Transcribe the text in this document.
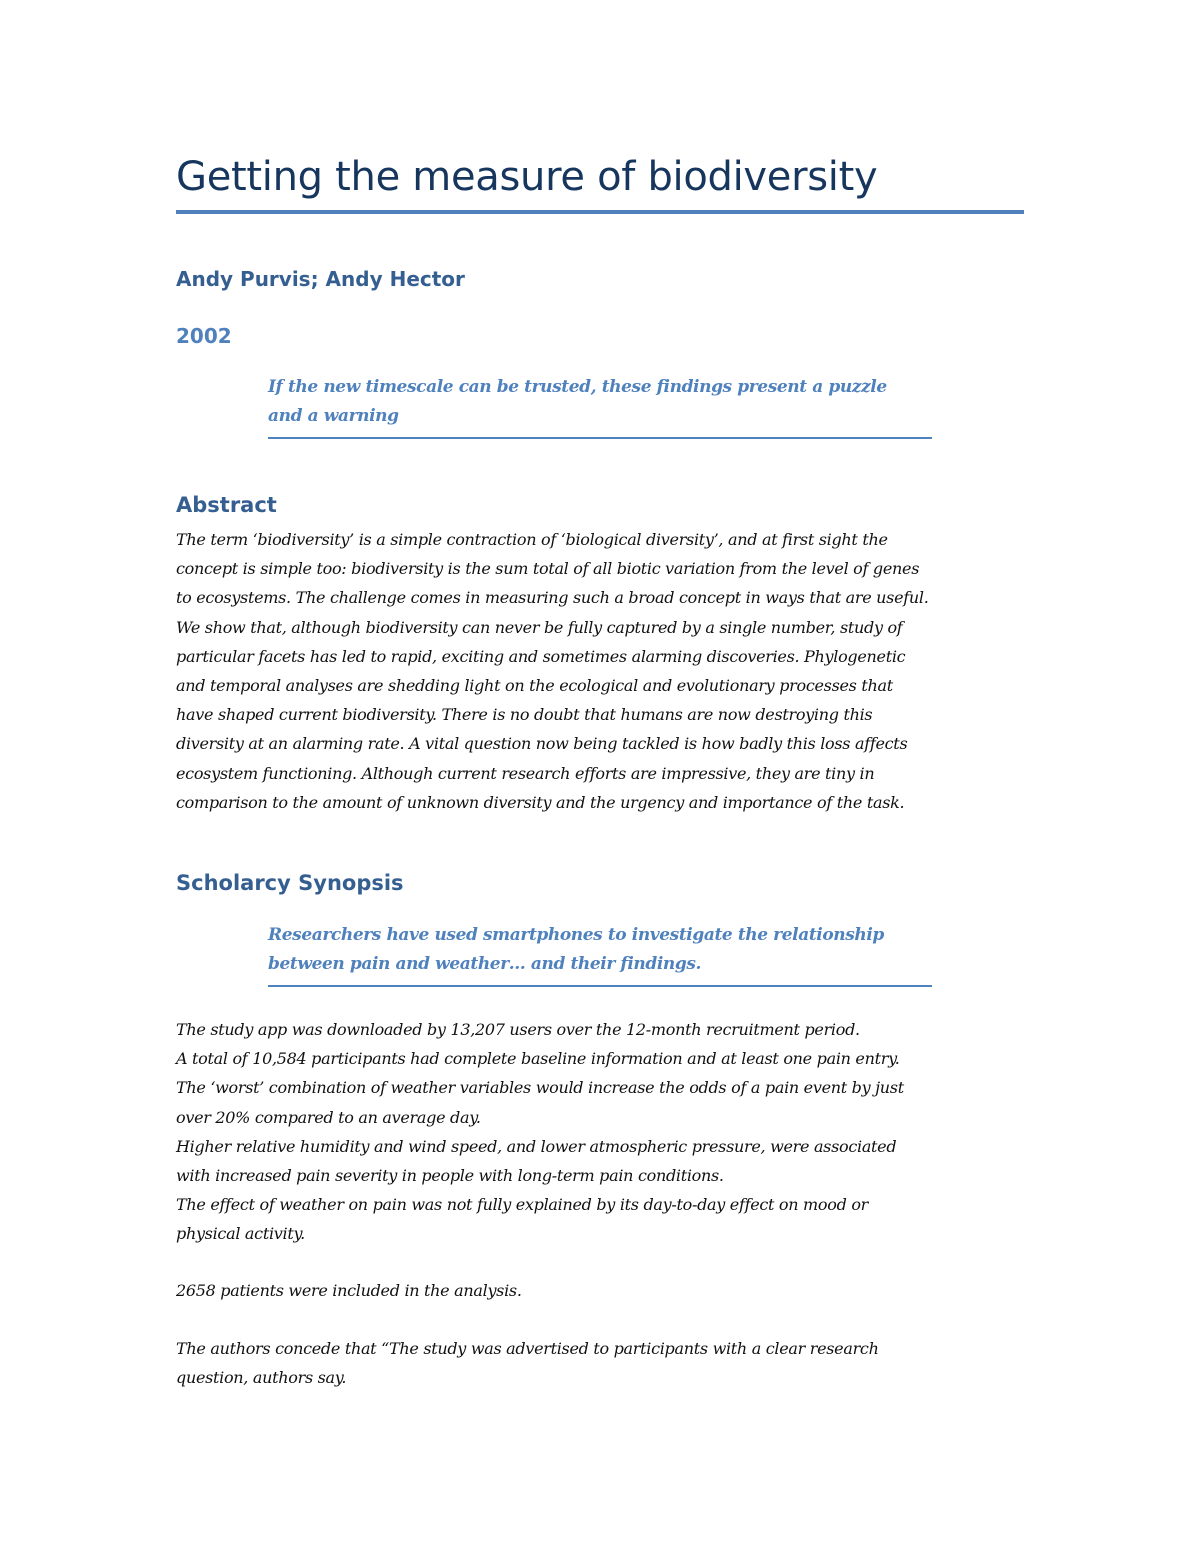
Getting the measure of biodiversity
Andy Purvis; Andy Hector
2002
If the new timescale can be trusted, these findings present a puzzle
and a warning
Abstract
The term ‘biodiversity’ is a simple contraction of ‘biological diversity’, and at first sight the
concept is simple too: biodiversity is the sum total of all biotic variation from the level of genes
to ecosystems. The challenge comes in measuring such a broad concept in ways that are useful.
We show that, although biodiversity can never be fully captured by a single number, study of
particular facets has led to rapid, exciting and sometimes alarming discoveries. Phylogenetic
and temporal analyses are shedding light on the ecological and evolutionary processes that
have shaped current biodiversity. There is no doubt that humans are now destroying this
diversity at an alarming rate. A vital question now being tackled is how badly this loss affects
ecosystem functioning. Although current research efforts are impressive, they are tiny in
comparison to the amount of unknown diversity and the urgency and importance of the task.
Scholarcy Synopsis
Researchers have used smartphones to investigate the relationship
between pain and weather… and their findings.
The study app was downloaded by 13,207 users over the 12-month recruitment period.
A total of 10,584 participants had complete baseline information and at least one pain entry.
The ‘worst’ combination of weather variables would increase the odds of a pain event by just
over 20% compared to an average day.
Higher relative humidity and wind speed, and lower atmospheric pressure, were associated
with increased pain severity in people with long-term pain conditions.
The effect of weather on pain was not fully explained by its day-to-day effect on mood or
physical activity.
2658 patients were included in the analysis.
The authors concede that “The study was advertised to participants with a clear research
question, authors say.
